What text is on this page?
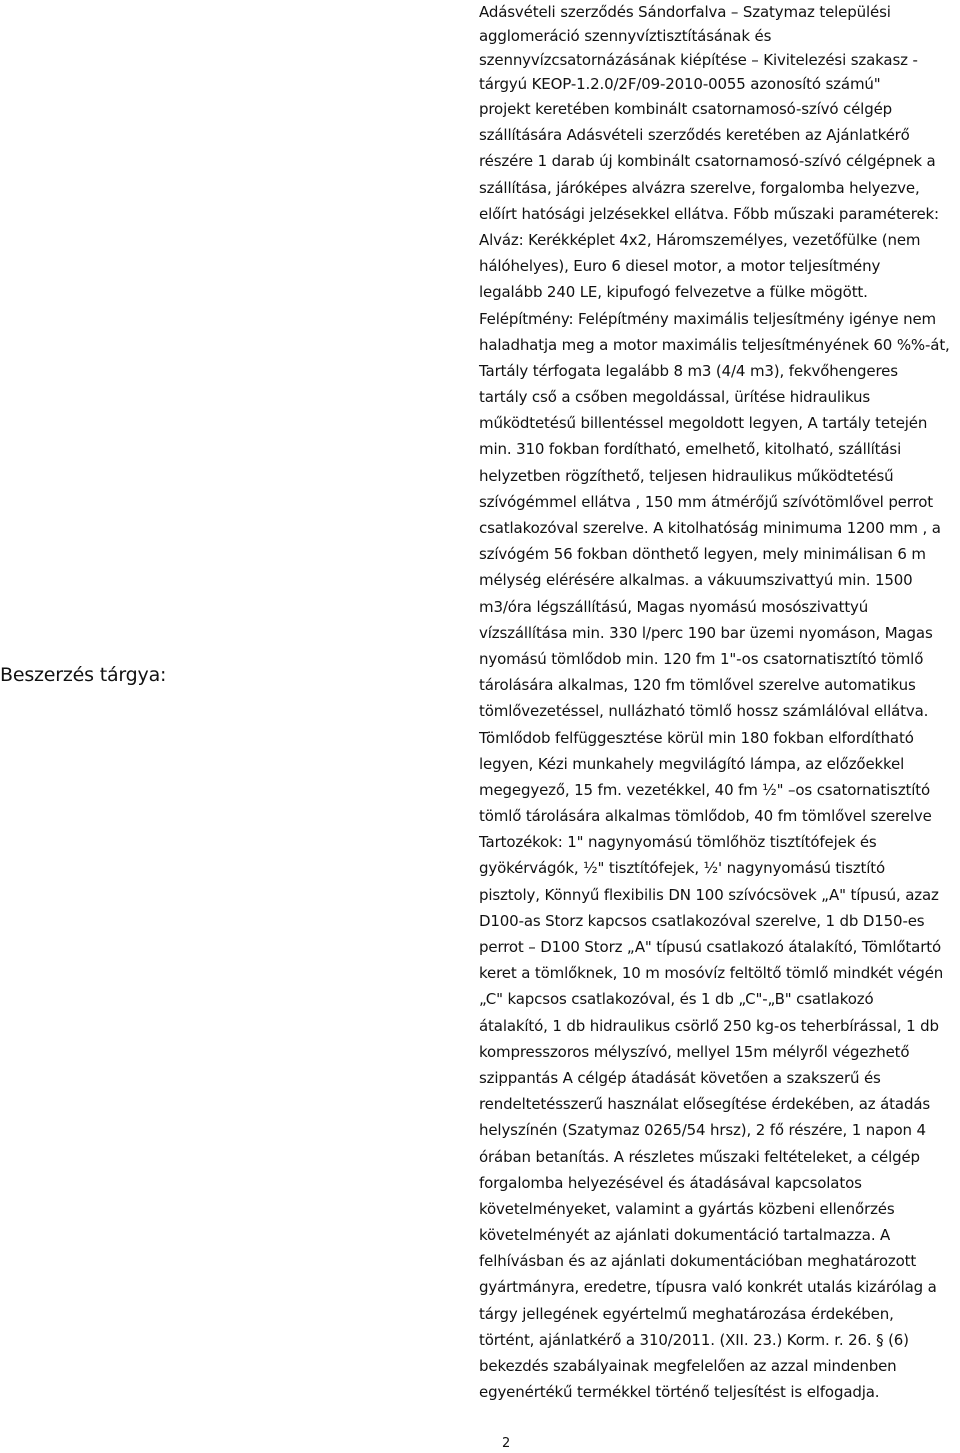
Beszerzés tárgya:
Adásvételi szerződés Sándorfalva – Szatymaz települési
agglomeráció szennyvíztisztításának és
szennyvízcsatornázásának kiépítése – Kivitelezési szakasz -
tárgyú KEOP-1.2.0/2F/09-2010-0055 azonosító számú"
projekt keretében kombinált csatornamosó-szívó célgép
szállítására Adásvételi szerződés keretében az Ajánlatkérő
részére 1 darab új kombinált csatornamosó-szívó célgépnek a
szállítása, járóképes alvázra szerelve, forgalomba helyezve,
előírt hatósági jelzésekkel ellátva. Főbb műszaki paraméterek:
Alváz: Kerékképlet 4x2, Háromszemélyes, vezetőfülke (nem
hálóhelyes), Euro 6 diesel motor, a motor teljesítmény
legalább 240 LE, kipufogó felvezetve a fülke mögött.
Felépítmény: Felépítmény maximális teljesítmény igénye nem
haladhatja meg a motor maximális teljesítményének 60 %%-át,
Tartály térfogata legalább 8 m3 (4/4 m3), fekvőhengeres
tartály cső a csőben megoldással, ürítése hidraulikus
működtetésű billentéssel megoldott legyen, A tartály tetején
min. 310 fokban fordítható, emelhető, kitolható, szállítási
helyzetben rögzíthető, teljesen hidraulikus működtetésű
szívógémmel ellátva , 150 mm átmérőjű szívótömlővel perrot
csatlakozóval szerelve. A kitolhatóság minimuma 1200 mm , a
szívógém 56 fokban dönthető legyen, mely minimálisan 6 m
mélység elérésére alkalmas. a vákuumszivattyú min. 1500
m3/óra légszállítású, Magas nyomású mosószivattyú
vízszállítása min. 330 l/perc 190 bar üzemi nyomáson, Magas
nyomású tömlődob min. 120 fm 1"-os csatornatisztító tömlő
tárolására alkalmas, 120 fm tömlővel szerelve automatikus
tömlővezetéssel, nullázható tömlő hossz számlálóval ellátva.
Tömlődob felfüggesztése körül min 180 fokban elfordítható
legyen, Kézi munkahely megvilágító lámpa, az előzőekkel
megegyező, 15 fm. vezetékkel, 40 fm ½" –os csatornatisztító
tömlő tárolására alkalmas tömlődob, 40 fm tömlővel szerelve
Tartozékok: 1" nagynyomású tömlőhöz tisztítófejek és
gyökérvágók, ½" tisztítófejek, ½' nagynyomású tisztító
pisztoly, Könnyű flexibilis DN 100 szívócsövek „A" típusú, azaz
D100-as Storz kapcsos csatlakozóval szerelve, 1 db D150-es
perrot – D100 Storz „A" típusú csatlakozó átalakító, Tömlőtartó
keret a tömlőknek, 10 m mosóvíz feltöltő tömlő mindkét végén
„C" kapcsos csatlakozóval, és 1 db „C"-„B" csatlakozó
átalakító, 1 db hidraulikus csörlő 250 kg-os teherbírással, 1 db
kompresszoros mélyszívó, mellyel 15m mélyről végezhető
szippantás A célgép átadását követően a szakszerű és
rendeltetésszerű használat elősegítése érdekében, az átadás
helyszínén (Szatymaz 0265/54 hrsz), 2 fő részére, 1 napon 4
órában betanítás. A részletes műszaki feltételeket, a célgép
forgalomba helyezésével és átadásával kapcsolatos
követelményeket, valamint a gyártás közbeni ellenőrzés
követelményét az ajánlati dokumentáció tartalmazza. A
felhívásban és az ajánlati dokumentációban meghatározott
gyártmányra, eredetre, típusra való konkrét utalás kizárólag a
tárgy jellegének egyértelmű meghatározása érdekében,
történt, ajánlatkérő a 310/2011. (XII. 23.) Korm. r. 26. § (6)
bekezdés szabályainak megfelelően az azzal mindenben
egyenértékű termékkel történő teljesítést is elfogadja.
2
